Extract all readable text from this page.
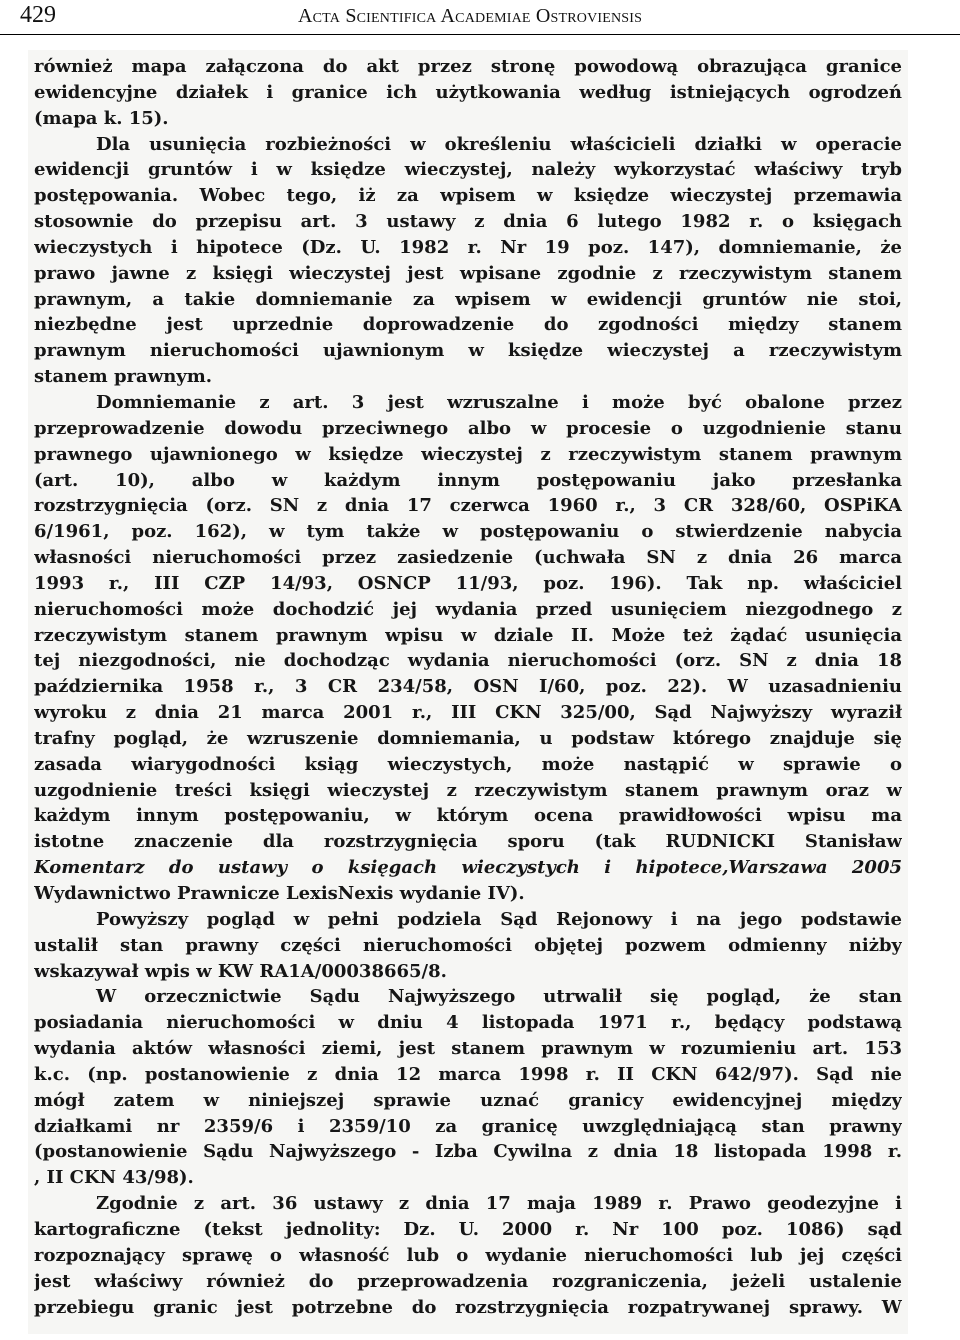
429	Acta Scientifica Academiae Ostroviensis
również mapa załączona do akt przez stronę powodową obrazująca granice
ewidencyjne działek i granice ich użytkowania według istniejących ogrodzeń
(mapa k. 15).
Dla usunięcia rozbieżności w określeniu właścicieli działki w operacie
ewidencji gruntów i w księdze wieczystej, należy wykorzystać właściwy tryb
postępowania. Wobec tego, iż za wpisem w księdze wieczystej przemawia
stosownie do przepisu art. 3 ustawy z dnia 6 lutego 1982 r. o księgach
wieczystych i hipotece (Dz. U. 1982 r. Nr 19 poz. 147), domniemanie, że
prawo jawne z księgi wieczystej jest wpisane zgodnie z rzeczywistym stanem
prawnym, a takie domniemanie za wpisem w ewidencji gruntów nie stoi,
niezbędne jest uprzednie doprowadzenie do zgodności między stanem
prawnym nieruchomości ujawnionym w księdze wieczystej a rzeczywistym
stanem prawnym.
Domniemanie z art. 3 jest wzruszalne i może być obalone przez
przeprowadzenie dowodu przeciwnego albo w procesie o uzgodnienie stanu
prawnego ujawnionego w księdze wieczystej z rzeczywistym stanem prawnym
(art. 10), albo w każdym innym postępowaniu jako przesłanka
rozstrzygnięcia (orz. SN z dnia 17 czerwca 1960 r., 3 CR 328/60, OSPiKA
6/1961, poz. 162), w tym także w postępowaniu o stwierdzenie nabycia
własności nieruchomości przez zasiedzenie (uchwała SN z dnia 26 marca
1993 r., III CZP 14/93, OSNCP 11/93, poz. 196). Tak np. właściciel
nieruchomości może dochodzić jej wydania przed usunięciem niezgodnego z
rzeczywistym stanem prawnym wpisu w dziale II. Może też żądać usunięcia
tej niezgodności, nie dochodząc wydania nieruchomości (orz. SN z dnia 18
października 1958 r., 3 CR 234/58, OSN I/60, poz. 22). W uzasadnieniu
wyroku z dnia 21 marca 2001 r., III CKN 325/00, Sąd Najwyższy wyraził
trafny pogląd, że wzruszenie domniemania, u podstaw którego znajduje się
zasada wiarygodności ksiąg wieczystych, może nastąpić w sprawie o
uzgodnienie treści księgi wieczystej z rzeczywistym stanem prawnym oraz w
każdym innym postępowaniu, w którym ocena prawidłowości wpisu ma
istotne znaczenie dla rozstrzygnięcia sporu (tak RUDNICKI Stanisław
Komentarz do ustawy o księgach wieczystych i hipotece,Warszawa 2005
Wydawnictwo Prawnicze LexisNexis wydanie IV).
Powyższy pogląd w pełni podziela Sąd Rejonowy i na jego podstawie
ustalił stan prawny części nieruchomości objętej pozwem odmienny niżby
wskazywał wpis w KW RA1A/00038665/8.
W orzecznictwie Sądu Najwyższego utrwalił się pogląd, że stan
posiadania nieruchomości w dniu 4 listopada 1971 r., będący podstawą
wydania aktów własności ziemi, jest stanem prawnym w rozumieniu art. 153
k.c. (np. postanowienie z dnia 12 marca 1998 r. II CKN 642/97). Sąd nie
mógł zatem w niniejszej sprawie uznać granicy ewidencyjnej między
działkami nr 2359/6 i 2359/10 za granicę uwzględniającą stan prawny
(postanowienie Sądu Najwyższego - Izba Cywilna z dnia 18 listopada 1998 r.
, II CKN 43/98).
Zgodnie z art. 36 ustawy z dnia 17 maja 1989 r. Prawo geodezyjne i
kartograficzne (tekst jednolity: Dz. U. 2000 r. Nr 100 poz. 1086) sąd
rozpoznający sprawę o własność lub o wydanie nieruchomości lub jej części
jest właściwy również do przeprowadzenia rozgraniczenia, jeżeli ustalenie
przebiegu granic jest potrzebne do rozstrzygnięcia rozpatrywanej sprawy. W
